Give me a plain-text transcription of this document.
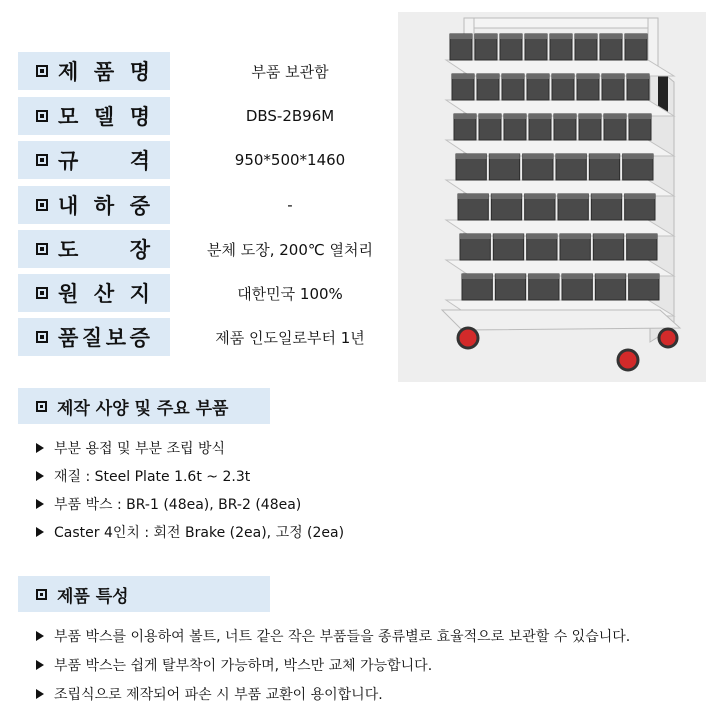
제 품 명	부품 보관함
모 델 명	DBS-2B96M
규 격	950*500*1460
내 하 중	-
도 장	분체 도장, 200℃ 열처리
원 산 지	대한민국 100%
품 질 보 증	제품 인도일로부터 1년
제작 사양 및 주요 부품
부분 용접 및 부분 조립 방식
재질 : Steel Plate 1.6t ~ 2.3t
부품 박스 : BR-1 (48ea), BR-2 (48ea)
Caster 4인치 : 회전 Brake (2ea), 고정 (2ea)
제품 특성
부품 박스를 이용하여 볼트, 너트 같은 작은 부품들을 종류별로 효율적으로 보관할 수 있습니다.
부품 박스는 쉽게 탈부착이 가능하며, 박스만 교체 가능합니다.
조립식으로 제작되어 파손 시 부품 교환이 용이합니다.
